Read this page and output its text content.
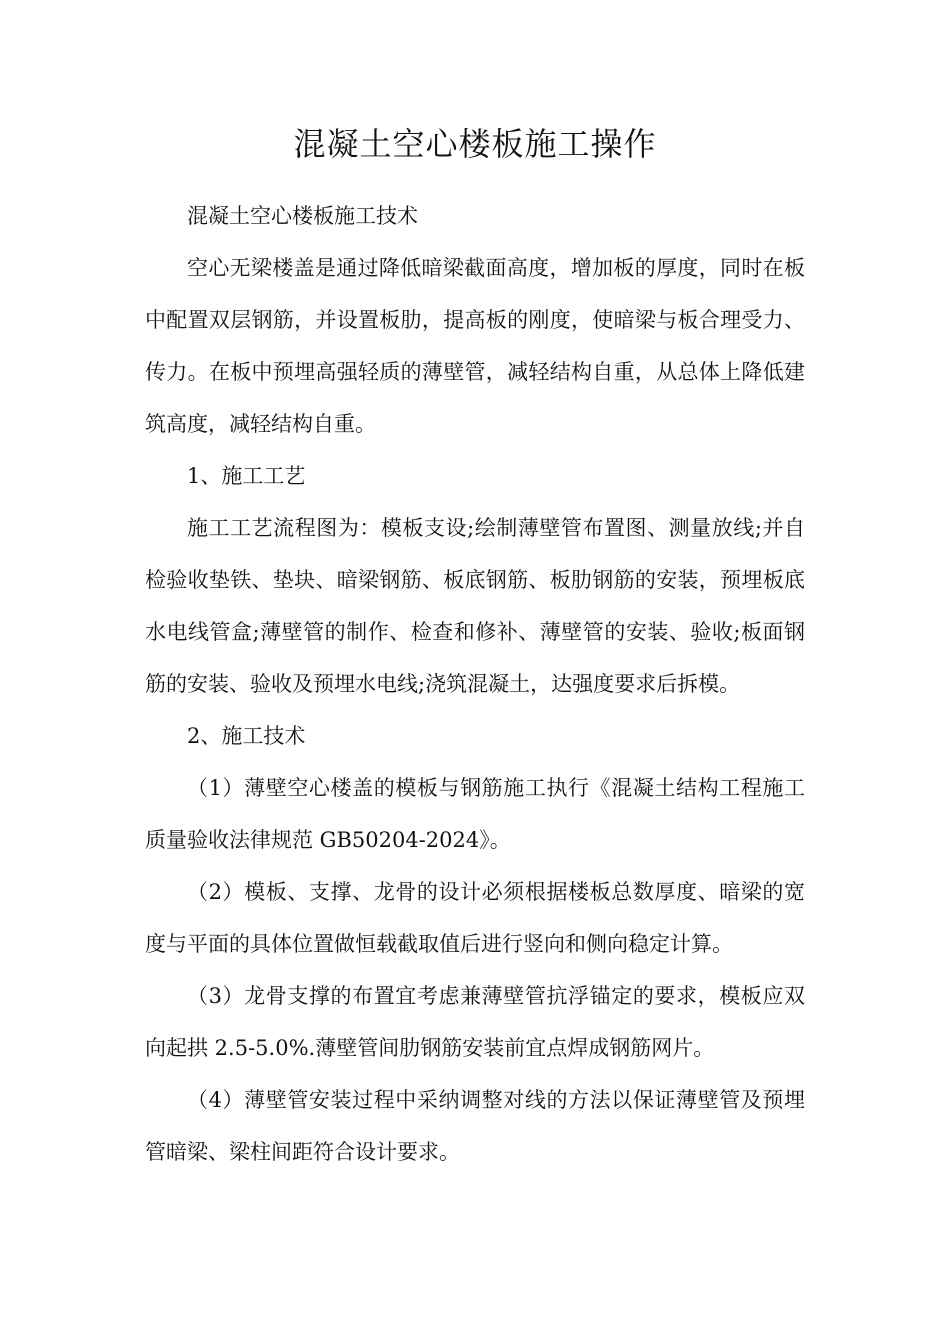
混凝土空心楼板施工操作

混凝土空心楼板施工技术

空心无梁楼盖是通过降低暗梁截面高度，增加板的厚度，同时在板中配置双层钢筋，并设置板肋，提高板的刚度，使暗梁与板合理受力、传力。在板中预埋高强轻质的薄壁管，减轻结构自重，从总体上降低建筑高度，减轻结构自重。

1、施工工艺

施工工艺流程图为：模板支设;绘制薄壁管布置图、测量放线;并自检验收垫铁、垫块、暗梁钢筋、板底钢筋、板肋钢筋的安装，预埋板底水电线管盒;薄壁管的制作、检查和修补、薄壁管的安装、验收;板面钢筋的安装、验收及预埋水电线;浇筑混凝土，达强度要求后拆模。

2、施工技术

（1）薄壁空心楼盖的模板与钢筋施工执行《混凝土结构工程施工质量验收法律规范 GB50204-2024》。

（2）模板、支撑、龙骨的设计必须根据楼板总数厚度、暗梁的宽度与平面的具体位置做恒载截取值后进行竖向和侧向稳定计算。

（3）龙骨支撑的布置宜考虑兼薄壁管抗浮锚定的要求，模板应双向起拱 2.5-5.0%.薄壁管间肋钢筋安装前宜点焊成钢筋网片。

（4）薄壁管安装过程中采纳调整对线的方法以保证薄壁管及预埋管暗梁、梁柱间距符合设计要求。
